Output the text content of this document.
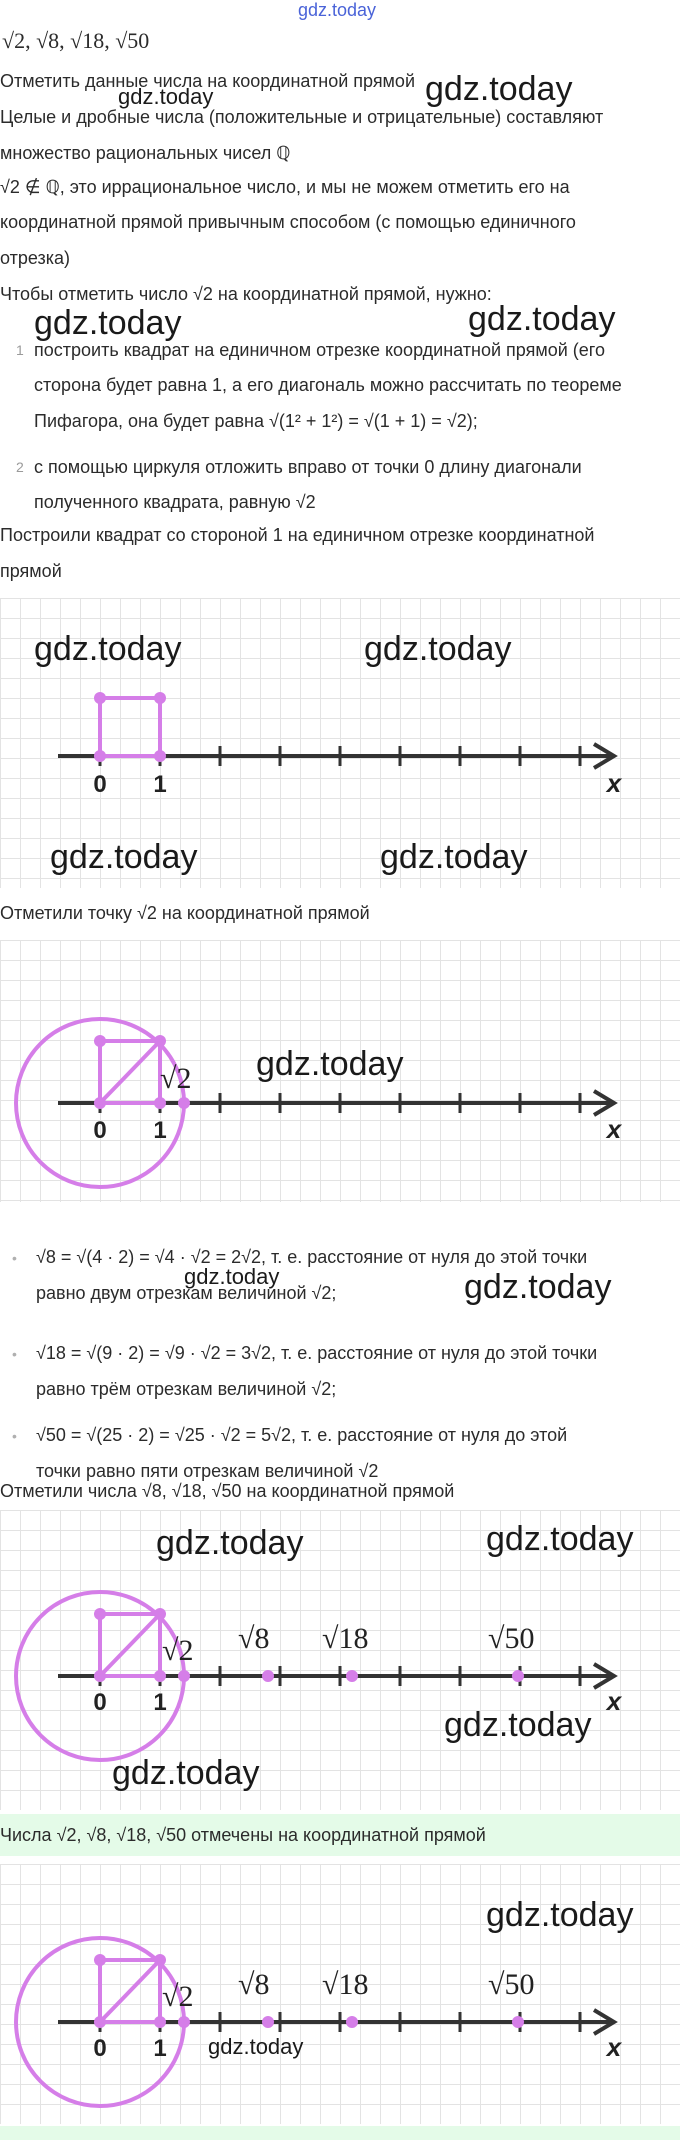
gdz.today
√2, √8, √18, √50
Отметить данные числа на координатной прямой gdz.today
gdz.today
Целые и дробные числа (положительные и отрицательные) составляют
множество рациональных чисел ℚ
√2 ∉ ℚ, это иррациональное число, и мы не можем отметить его на
координатной прямой привычным способом (с помощью единичного
отрезка)
Чтобы отметить число √2 на координатной прямой, нужно:
gdz.today	gdz.today
1 построить квадрат на единичном отрезке координатной прямой (его
сторона будет равна 1, а его диагональ можно рассчитать по теореме
Пифагора, она будет равна √(1² + 1²) = √(1 + 1) = √2);
2 с помощью циркуля отложить вправо от точки 0 длину диагонали
полученного квадрата, равную √2
Построили квадрат со стороной 1 на единичном отрезке координатной
прямой
0 1	x
gdz.today	gdz.today
gdz.today	gdz.today
Отметили точку √2 на координатной прямой
√2
0 1	x
gdz.today
• √8 = √(4 · 2) = √4 · √2 = 2√2, т. е. расстояние от нуля до этой точки
равно двум отрезкам величиной √2;
gdz.today	gdz.today
• √18 = √(9 · 2) = √9 · √2 = 3√2, т. е. расстояние от нуля до этой точки
равно трём отрезкам величиной √2;
• √50 = √(25 · 2) = √25 · √2 = 5√2, т. е. расстояние от нуля до этой
точки равно пяти отрезкам величиной √2
Отметили числа √8, √18, √50 на координатной прямой
√2 √8 √18	√50
0 1	x
gdz.today	gdz.today
gdz.today
gdz.today
Числа √2, √8, √18, √50 отмечены на координатной прямой
√2 √8 √18	√50
0 1	x
gdz.today
gdz.today
